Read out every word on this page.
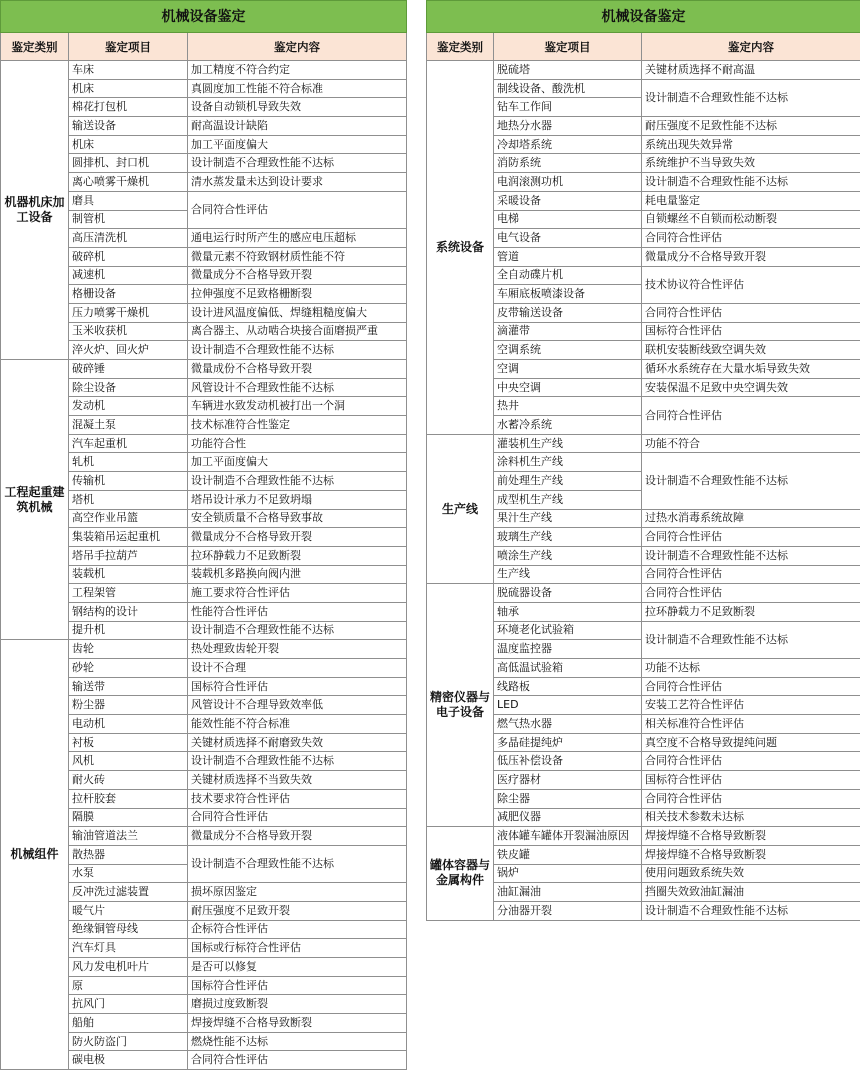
机械设备鉴定		
鉴定类别	鉴定项目	鉴定内容
机器机床加工设备	车床	加工精度不符合约定
	机床	真圆度加工性能不符合标准
	棉花打包机	设备自动锁机导致失效
	输送设备	耐高温设计缺陷
	机床	加工平面度偏大
	圆排机、封口机	设计制造不合理致性能不达标
	离心喷雾干燥机	清水蒸发量未达到设计要求
	磨具	合同符合性评估
	制管机	
	高压清洗机	通电运行时所产生的感应电压超标
	破碎机	微量元素不符致钢材质性能不符
	减速机	微量成分不合格导致开裂
	格栅设备	拉伸强度不足致格栅断裂
	压力喷雾干燥机	设计进风温度偏低、焊缝粗糙度偏大
	玉米收获机	离合器主、从动啮合块接合面磨损严重
	淬火炉、回火炉	设计制造不合理致性能不达标
工程起重建筑机械	破碎锤	微量成份不合格导致开裂
	除尘设备	风管设计不合理致性能不达标
	发动机	车辆进水致发动机被打出一个洞
	混凝土泵	技术标准符合性鉴定
	汽车起重机	功能符合性
	轧机	加工平面度偏大
	传输机	设计制造不合理致性能不达标
	塔机	塔吊设计承力不足致坍塌
	高空作业吊篮	安全锁质量不合格导致事故
	集装箱吊运起重机	微量成分不合格导致开裂
	塔吊手拉葫芦	拉环静载力不足致断裂
	装载机	装载机多路换向阀内泄
	工程架管	施工要求符合性评估
	钢结构的设计	性能符合性评估
	提升机	设计制造不合理致性能不达标
机械组件	齿轮	热处理致齿轮开裂
	砂轮	设计不合理
	输送带	国标符合性评估
	粉尘器	风管设计不合理导致效率低
	电动机	能效性能不符合标准
	衬板	关键材质选择不耐磨致失效
	风机	设计制造不合理致性能不达标
	耐火砖	关键材质选择不当致失效
	拉杆胶套	技术要求符合性评估
	隔膜	合同符合性评估
	输油管道法兰	微量成分不合格导致开裂
	散热器	设计制造不合理致性能不达标
	水泵	
	反冲洗过滤装置	损坏原因鉴定
	暖气片	耐压强度不足致开裂
	绝缘铜管母线	企标符合性评估
	汽车灯具	国标或行标符合性评估
	风力发电机叶片	是否可以修复
	原	国标符合性评估
	抗风门	磨损过度致断裂
	船舶	焊接焊缝不合格导致断裂
	防火防盗门	燃烧性能不达标
	碳电极	合同符合性评估
机械设备鉴定		
鉴定类别	鉴定项目	鉴定内容
系统设备	脱硫塔	关键材质选择不耐高温
	制线设备、酸洗机	设计制造不合理致性能不达标
	钻车工作间	
	地热分水器	耐压强度不足致性能不达标
	冷却塔系统	系统出现失效异常
	消防系统	系统维护不当导致失效
	电润滚测功机	设计制造不合理致性能不达标
	采暖设备	耗电量鉴定
	电梯	自锁螺丝不自锁而松动断裂
	电气设备	合同符合性评估
	管道	微量成分不合格导致开裂
	全自动碟片机	技术协议符合性评估
	车厢底板喷漆设备	
	皮带输送设备	合同符合性评估
	滴灌带	国标符合性评估
	空调系统	联机安装断线致空调失效
	空调	循环水系统存在大量水垢导致失效
	中央空调	安装保温不足致中央空调失效
	热井	合同符合性评估
	水蓄冷系统	
生产线	灌装机生产线	功能不符合
	涂料机生产线	设计制造不合理致性能不达标
	前处理生产线	
	成型机生产线	
	果汁生产线	过热水消毒系统故障
	玻璃生产线	合同符合性评估
	喷涂生产线	设计制造不合理致性能不达标
	生产线	合同符合性评估
精密仪器与电子设备	脱硫器设备	合同符合性评估
	轴承	拉环静载力不足致断裂
	环境老化试验箱	设计制造不合理致性能不达标
	温度监控器	
	高低温试验箱	功能不达标
	线路板	合同符合性评估
	LED	安装工艺符合性评估
	燃气热水器	相关标准符合性评估
	多晶硅提纯炉	真空度不合格导致提纯问题
	低压补偿设备	合同符合性评估
	医疗器材	国标符合性评估
	除尘器	合同符合性评估
	减肥仪器	相关技术参数未达标
罐体容器与金属构件	液体罐车罐体开裂漏油原因	焊接焊缝不合格导致断裂
	铁皮罐	焊接焊缝不合格导致断裂
	锅炉	使用问题致系统失效
	油缸漏油	挡圈失效致油缸漏油
	分油器开裂	设计制造不合理致性能不达标
